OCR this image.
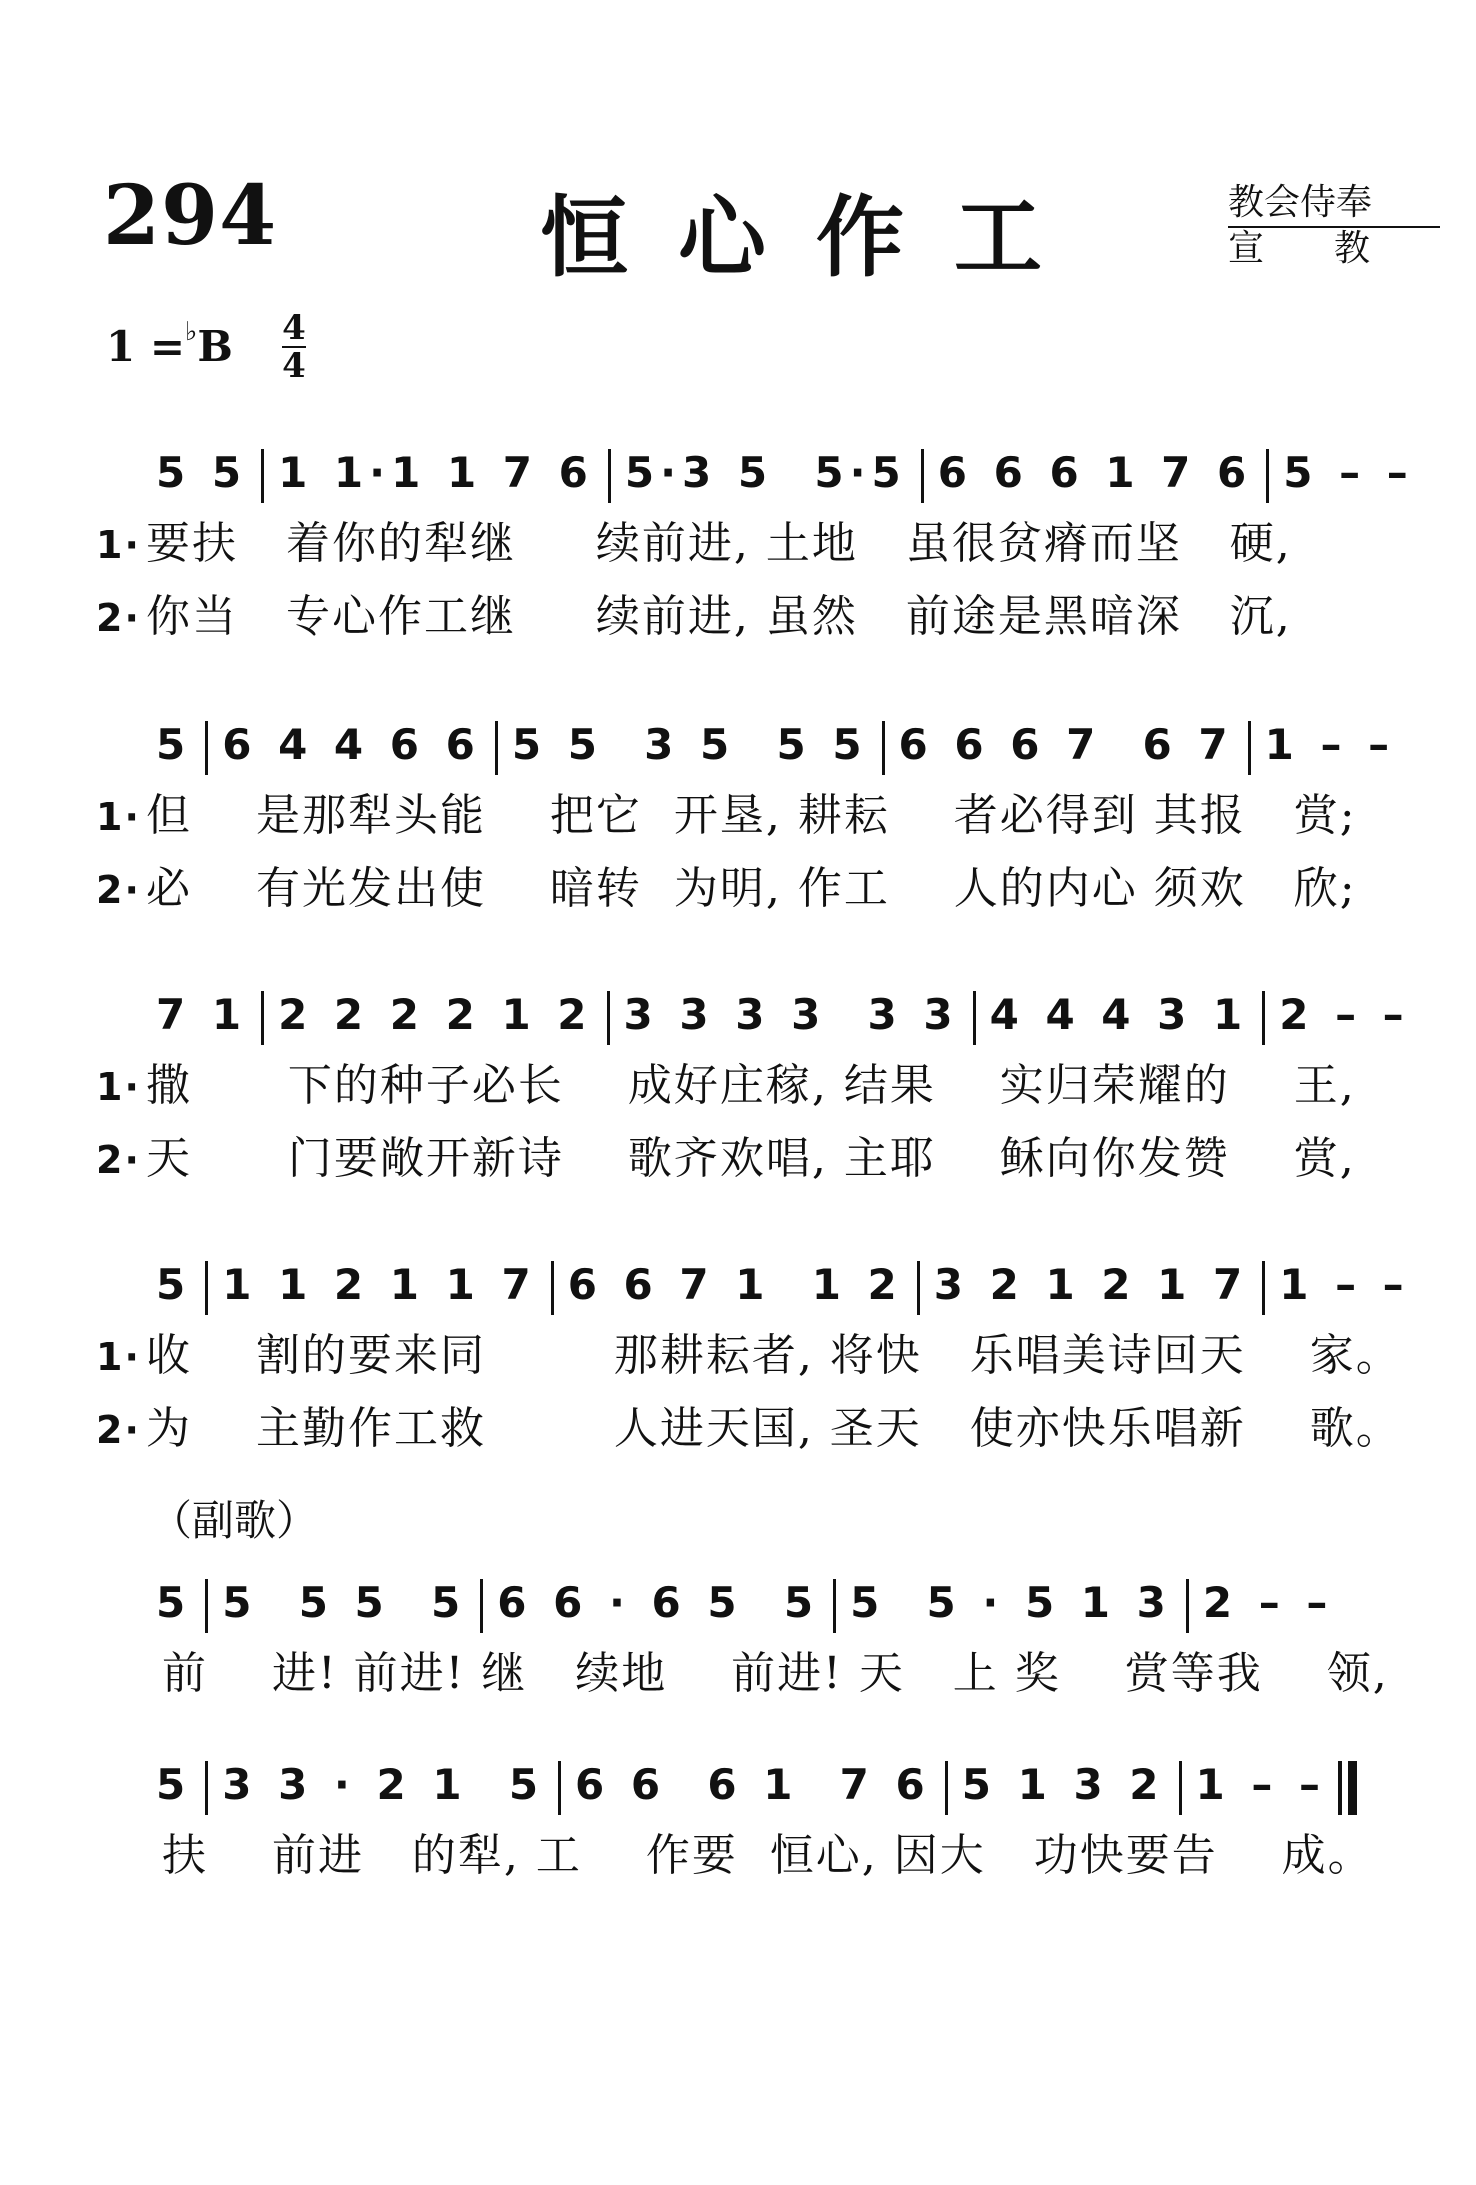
294	恒心作工	教会侍奉
宣教
1 =♭B 4
4
5 5 1 1·1 1 7 6 5·3 5  5·5 6 6 6 1 7 6 5 – –
1· 要扶   着你的犁继     续前进, 土地   虽很贫瘠而坚   硬,
2· 你当   专心作工继     续前进, 虽然   前途是黑暗深   沉,
5 6 4 4 6 6 5 5  3 5  5 5 6 6 6 7  6 7 1 – –
1· 但    是那犁头能    把它  开垦, 耕耘    者必得到 其报   赏;
2· 必    有光发出使    暗转  为明, 作工    人的内心 须欢   欣;
7 1 2 2 2 2 1 2 3 3 3 3  3 3 4 4 4 3 1 2 – –
1· 撒      下的种子必长    成好庄稼, 结果    实归荣耀的    王,
2· 天      门要敞开新诗    歌齐欢唱, 主耶    稣向你发赞    赏,
5 1 1 2 1 1 7 6 6 7 1  1 2 3 2 1 2 1 7 1 – –
1· 收    割的要来同        那耕耘者, 将快   乐唱美诗回天    家。
2· 为    主勤作工救        人进天国, 圣天   使亦快乐唱新    歌。
（副歌）
5 5  5 5  5 6 6 · 6 5  5 5  5 · 5 1 3 2 – –
前    进! 前进! 继   续地    前进! 天   上 奖    赏等我    领,
5 3 3 · 2 1  5 6 6  6 1  7 6 5 1 3 2 1 – –
扶    前进   的犁, 工    作要  恒心, 因大   功快要告    成。
